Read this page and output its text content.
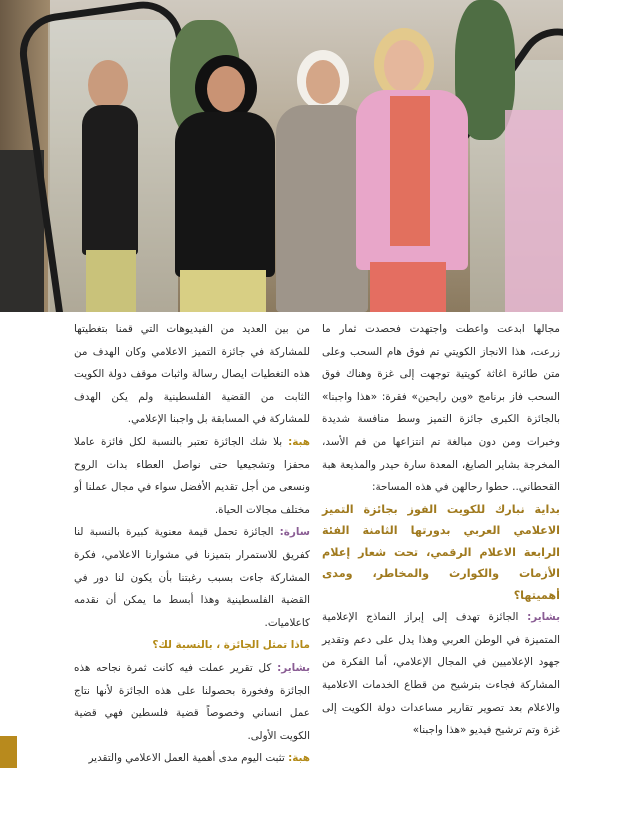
مجالها ابدعت واعطت واجتهدت فحصدت ثمار ما زرعت، هذا الانجاز الكويتي تم فوق هام السحب وعلى متن طائرة اغاثة كويتية توجهت إلى غزة وهناك فوق السحب فاز برنامج «وين رايحين» فقرة: «هذا واجبنا» بالجائزة الكبرى جائزة التميز وسط منافسة شديدة وخبرات ومن دون مبالغة تم انتزاعها من فم الأسد، المخرجة بشاير الصايغ، المعدة سارة حيدر والمذيعة هبة القحطاني.. حطوا رحالهن في هذه المساحة:

بداية نبارك للكويت الفوز بجائزة التميز الاعلامي العربي بدورتها الثامنة الفئة الرابعة الاعلام الرقمي، تحت شعار إعلام الأزمات والكوارث والمخاطر، ومدى أهميتها؟

بشاير: الجائزة تهدف إلى إبراز النماذج الإعلامية المتميزة في الوطن العربي وهذا يدل على دعم وتقدير جهود الإعلاميين في المجال الإعلامي، أما الفكرة من المشاركة فجاءت بترشيح من قطاع الخدمات الاعلامية والاعلام بعد تصوير تقارير مساعدات دولة الكويت إلى غزة وتم ترشيح فيديو «هذا واجبنا»

من بين العديد من الفيديوهات التي قمنا بتغطيتها للمشاركة في جائزة التميز الاعلامي وكان الهدف من هذه التغطيات ايصال رسالة واثبات موقف دولة الكويت الثابت من القضية الفلسطينية ولم يكن الهدف للمشاركة في المسابقة بل واجبنا الإعلامي.

هبة: بلا شك الجائزة تعتبر بالنسبة لكل فائزة عاملا محفزا وتشجيعيا حتى نواصل العطاء بدات الروح ونسعى من أجل تقديم الأفضل سواء في مجال عملنا أو مختلف مجالات الحياة.

سارة: الجائزة تحمل قيمة معنوية كبيرة بالنسبة لنا كفريق للاستمرار بتميزنا في مشوارنا الاعلامي، فكرة المشاركة جاءت بسبب رغبتنا بأن يكون لنا دور في القضية الفلسطينية وهذا أبسط ما يمكن أن نقدمه كاعلاميات.

ماذا تمثل الجائزة ، بالنسبة لك؟

بشاير: كل تقرير عملت فيه كانت ثمرة نجاحه هذه الجائزة وفخورة بحصولنا على هذه الجائزة لأنها نتاج عمل انساني وخصوصاً قضية فلسطين فهي قضية الكويت الأولى.

هبة: تثبت اليوم مدى أهمية العمل الاعلامي والتقدير
